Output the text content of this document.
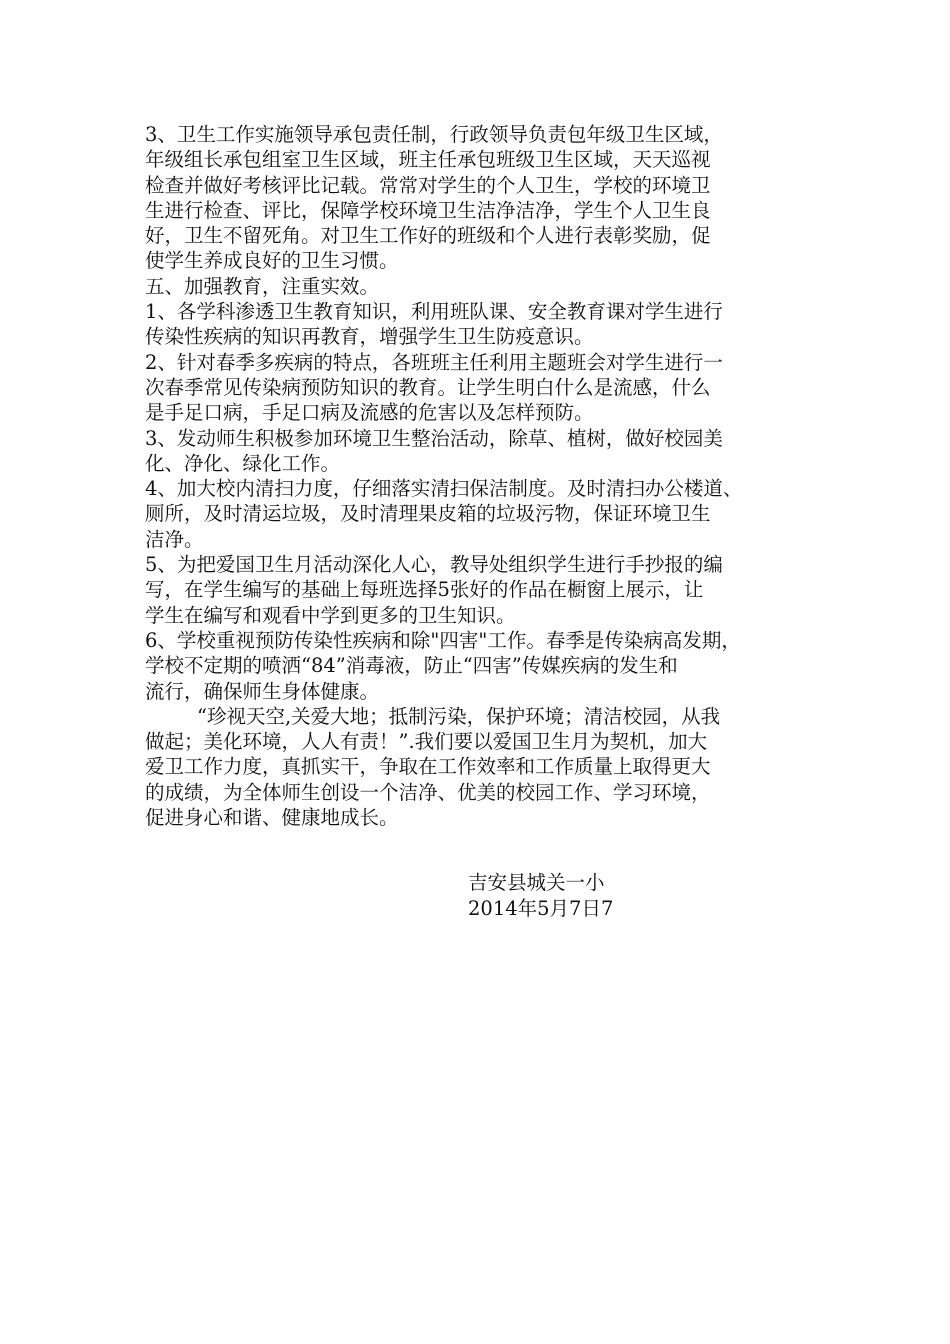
3、卫生工作实施领导承包责任制，行政领导负责包年级卫生区域，
年级组长承包组室卫生区域，班主任承包班级卫生区域，天天巡视
检查并做好考核评比记载。常常对学生的个人卫生，学校的环境卫
生进行检查、评比，保障学校环境卫生洁净洁净，学生个人卫生良
好，卫生不留死角。对卫生工作好的班级和个人进行表彰奖励，促
使学生养成良好的卫生习惯。
五、加强教育，注重实效。
1、各学科渗透卫生教育知识，利用班队课、安全教育课对学生进行
传染性疾病的知识再教育，增强学生卫生防疫意识。
2、针对春季多疾病的特点，各班班主任利用主题班会对学生进行一
次春季常见传染病预防知识的教育。让学生明白什么是流感，什么
是手足口病，手足口病及流感的危害以及怎样预防。
3、发动师生积极参加环境卫生整治活动，除草、植树，做好校园美
化、净化、绿化工作。
4、加大校内清扫力度，仔细落实清扫保洁制度。及时清扫办公楼道、
厕所，及时清运垃圾，及时清理果皮箱的垃圾污物，保证环境卫生
洁净。
5、为把爱国卫生月活动深化人心，教导处组织学生进行手抄报的编
写，在学生编写的基础上每班选择5张好的作品在橱窗上展示，让
学生在编写和观看中学到更多的卫生知识。
6、学校重视预防传染性疾病和除"四害"工作。春季是传染病高发期，
学校不定期的喷洒“84”消毒液，防止“四害”传媒疾病的发生和
流行，确保师生身体健康。
“珍视天空,关爱大地；抵制污染，保护环境；清洁校园，从我
做起；美化环境，人人有责！”.我们要以爱国卫生月为契机，加大
爱卫工作力度，真抓实干，争取在工作效率和工作质量上取得更大
的成绩，为全体师生创设一个洁净、优美的校园工作、学习环境，
促进身心和谐、健康地成长。
吉安县城关一小
2014年5月7日7
